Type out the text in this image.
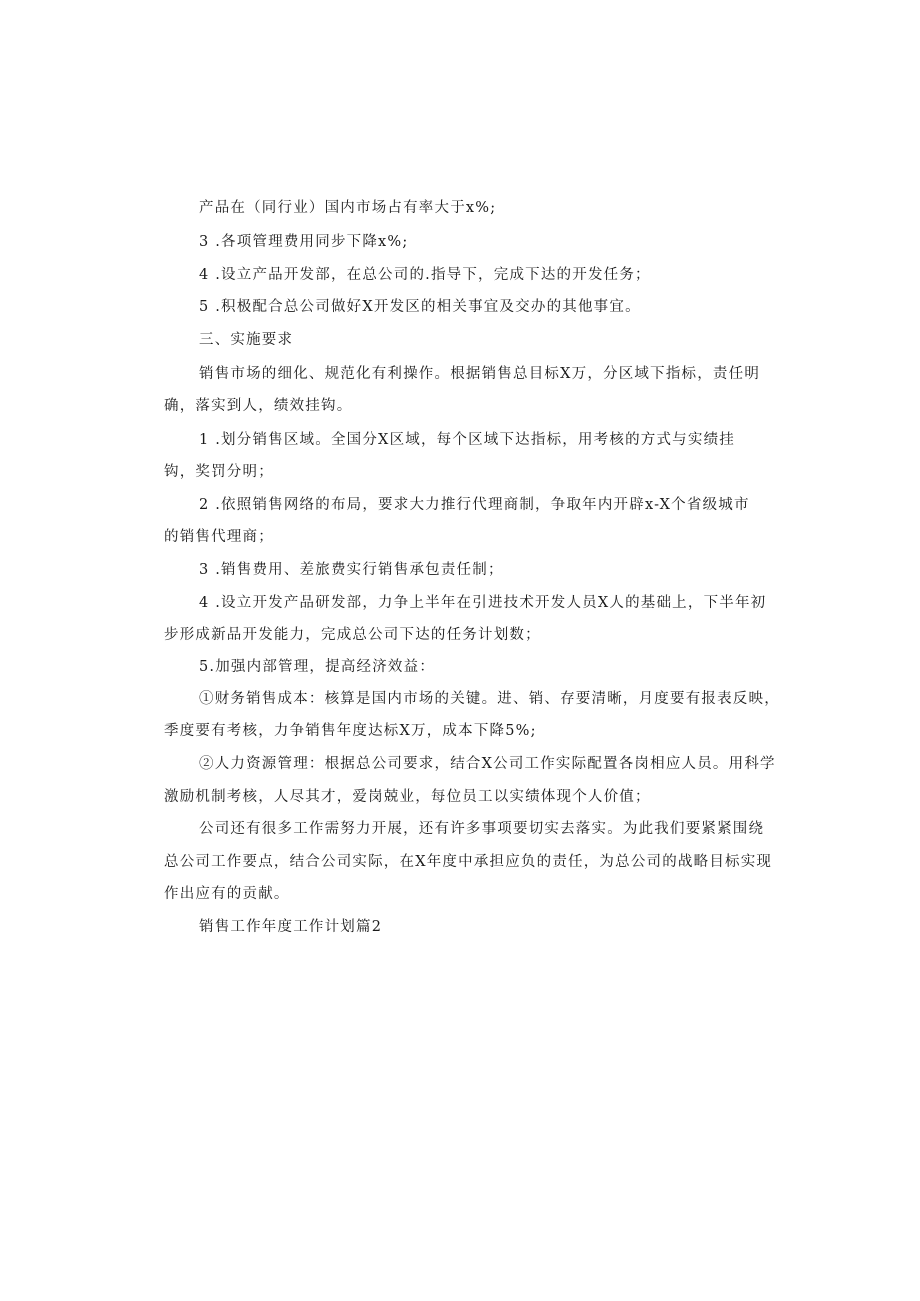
产品在（同行业）国内市场占有率大于x%;
3 .各项管理费用同步下降x%;
4 .设立产品开发部，在总公司的.指导下，完成下达的开发任务；
5 .积极配合总公司做好X开发区的相关事宜及交办的其他事宜。
三、实施要求
销售市场的细化、规范化有利操作。根据销售总目标X万，分区域下指标，责任明
确，落实到人，绩效挂钩。
1 .划分销售区域。全国分X区域，每个区域下达指标，用考核的方式与实绩挂
钩，奖罚分明；
2 .依照销售网络的布局，要求大力推行代理商制，争取年内开辟x-X个省级城市
的销售代理商；
3 .销售费用、差旅费实行销售承包责任制；
4 .设立开发产品研发部，力争上半年在引进技术开发人员X人的基础上，下半年初
步形成新品开发能力，完成总公司下达的任务计划数；
5.加强内部管理，提高经济效益：
①财务销售成本：核算是国内市场的关键。进、销、存要清晰，月度要有报表反映，
季度要有考核，力争销售年度达标X万，成本下降5%;
②人力资源管理：根据总公司要求，结合X公司工作实际配置各岗相应人员。用科学
激励机制考核，人尽其才，爱岗兢业，每位员工以实绩体现个人价值；
公司还有很多工作需努力开展，还有许多事项要切实去落实。为此我们要紧紧围绕
总公司工作要点，结合公司实际，在X年度中承担应负的责任，为总公司的战略目标实现
作出应有的贡献。
销售工作年度工作计划篇2
